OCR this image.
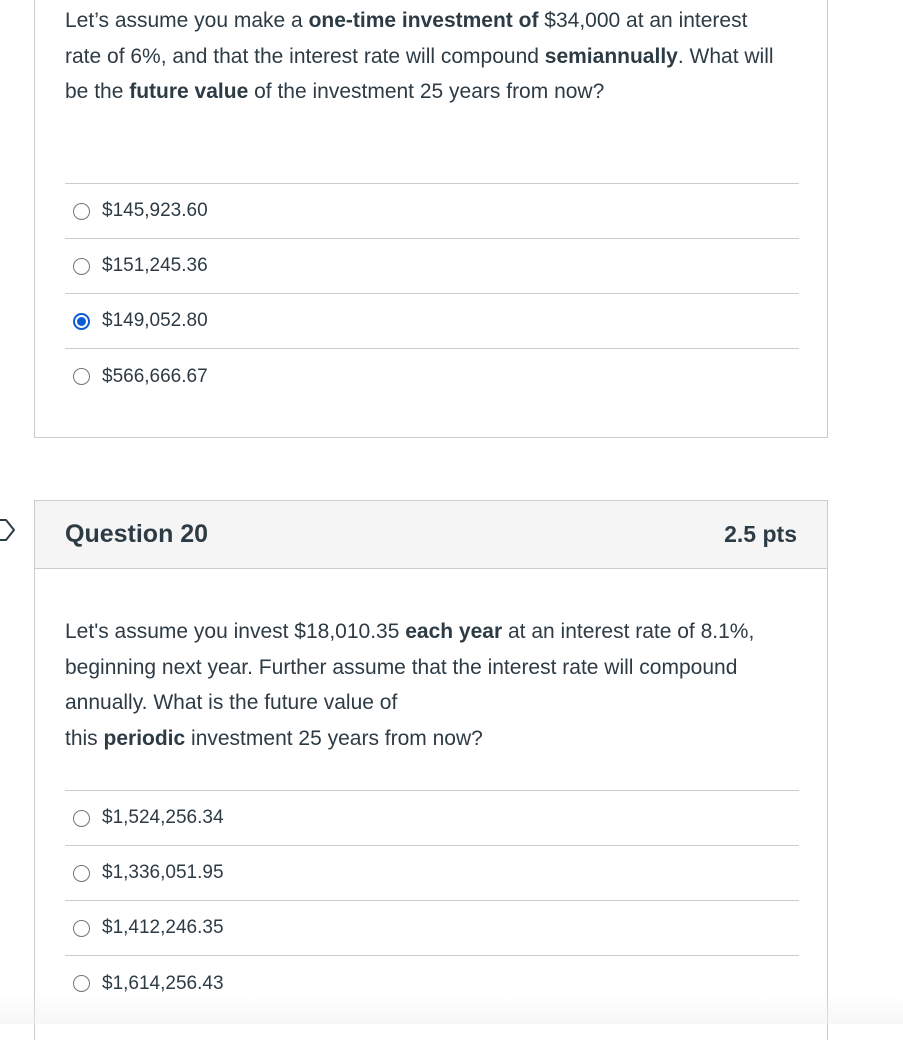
Let’s assume you make a one-time investment of $34,000 at an interest rate of 6%, and that the interest rate will compound semiannually. What will be the future value of the investment 25 years from now?
$145,923.60
$151,245.36
$149,052.80
$566,666.67
Question 20	2.5 pts
Let's assume you invest $18,010.35 each year at an interest rate of 8.1%, beginning next year. Further assume that the interest rate will compound annually. What is the future value of
this periodic investment 25 years from now?
$1,524,256.34
$1,336,051.95
$1,412,246.35
$1,614,256.43
